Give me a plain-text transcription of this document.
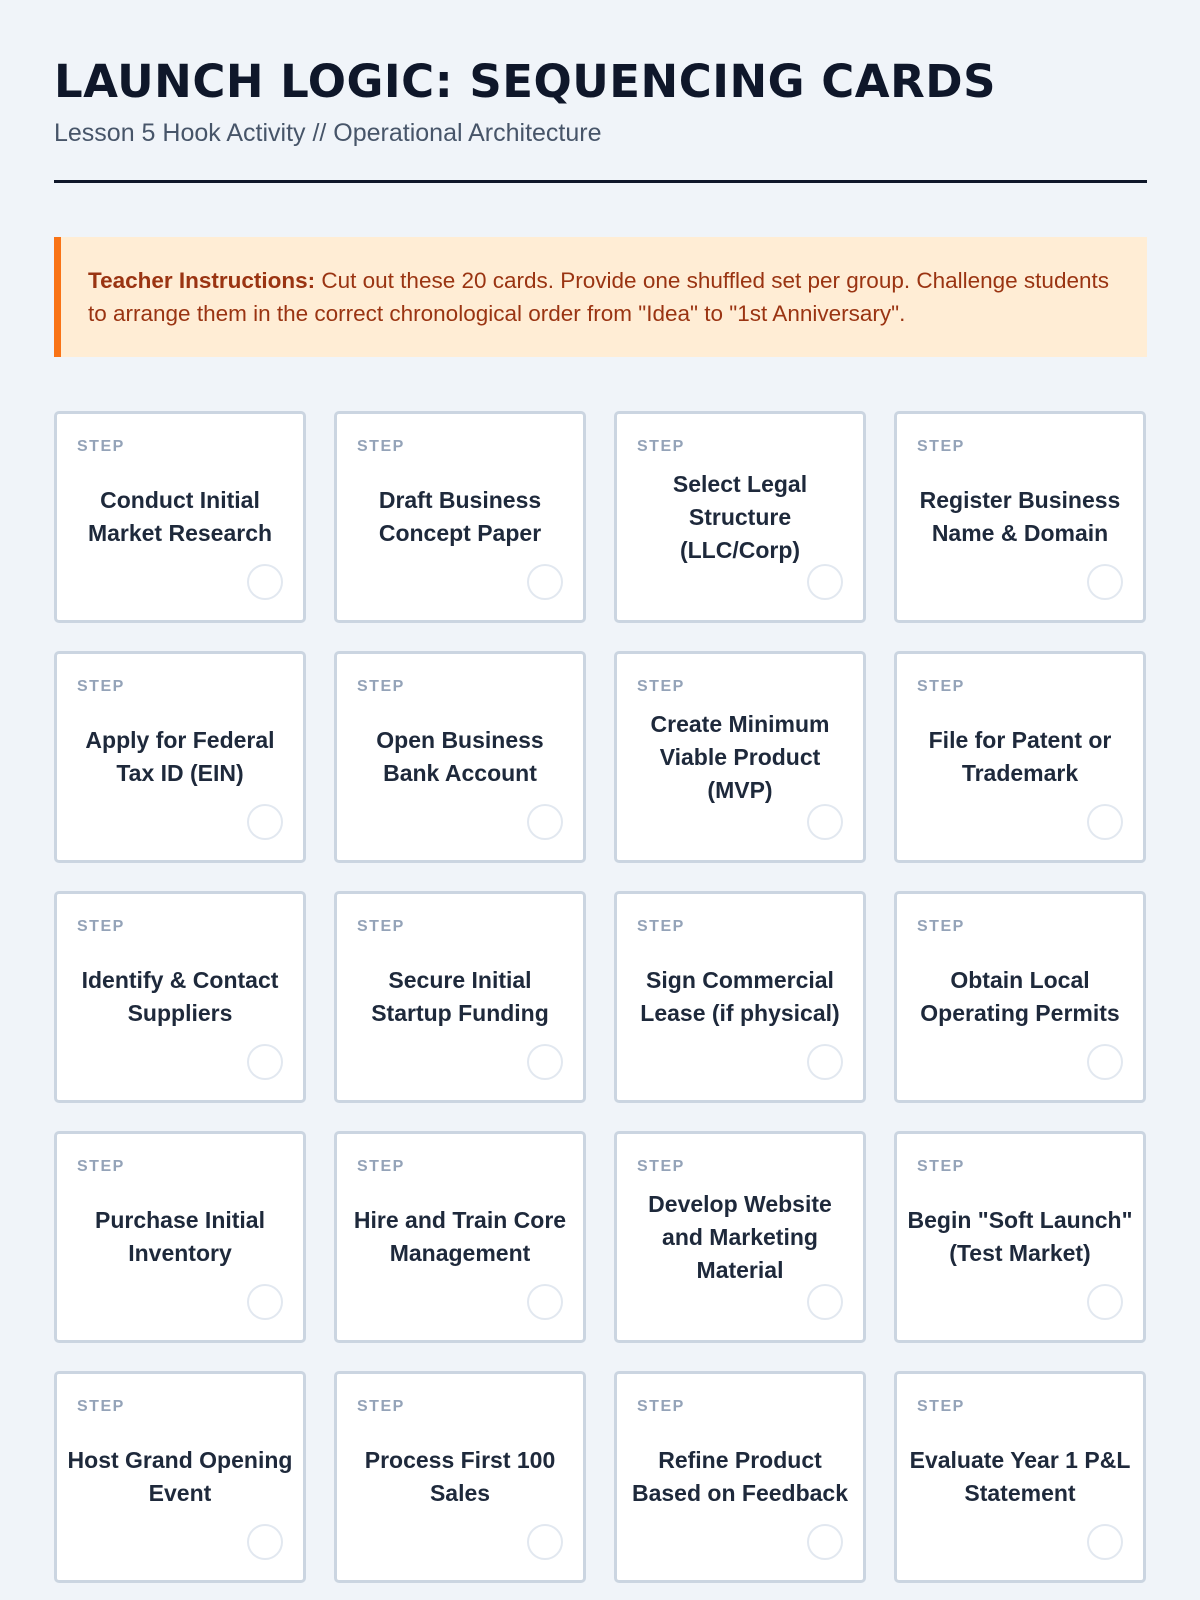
LAUNCH LOGIC: SEQUENCING CARDS
Lesson 5 Hook Activity // Operational Architecture
Teacher Instructions: Cut out these 20 cards. Provide one shuffled set per group. Challenge students to arrange them in the correct chronological order from "Idea" to "1st Anniversary".
STEP
Conduct Initial Market Research
STEP
Draft Business Concept Paper
STEP
Select Legal Structure (LLC/Corp)
STEP
Register Business Name & Domain
STEP
Apply for Federal Tax ID (EIN)
STEP
Open Business Bank Account
STEP
Create Minimum Viable Product (MVP)
STEP
File for Patent or Trademark
STEP
Identify & Contact Suppliers
STEP
Secure Initial Startup Funding
STEP
Sign Commercial Lease (if physical)
STEP
Obtain Local Operating Permits
STEP
Purchase Initial Inventory
STEP
Hire and Train Core Management
STEP
Develop Website and Marketing Material
STEP
Begin "Soft Launch" (Test Market)
STEP
Host Grand Opening Event
STEP
Process First 100 Sales
STEP
Refine Product Based on Feedback
STEP
Evaluate Year 1 P&L Statement
